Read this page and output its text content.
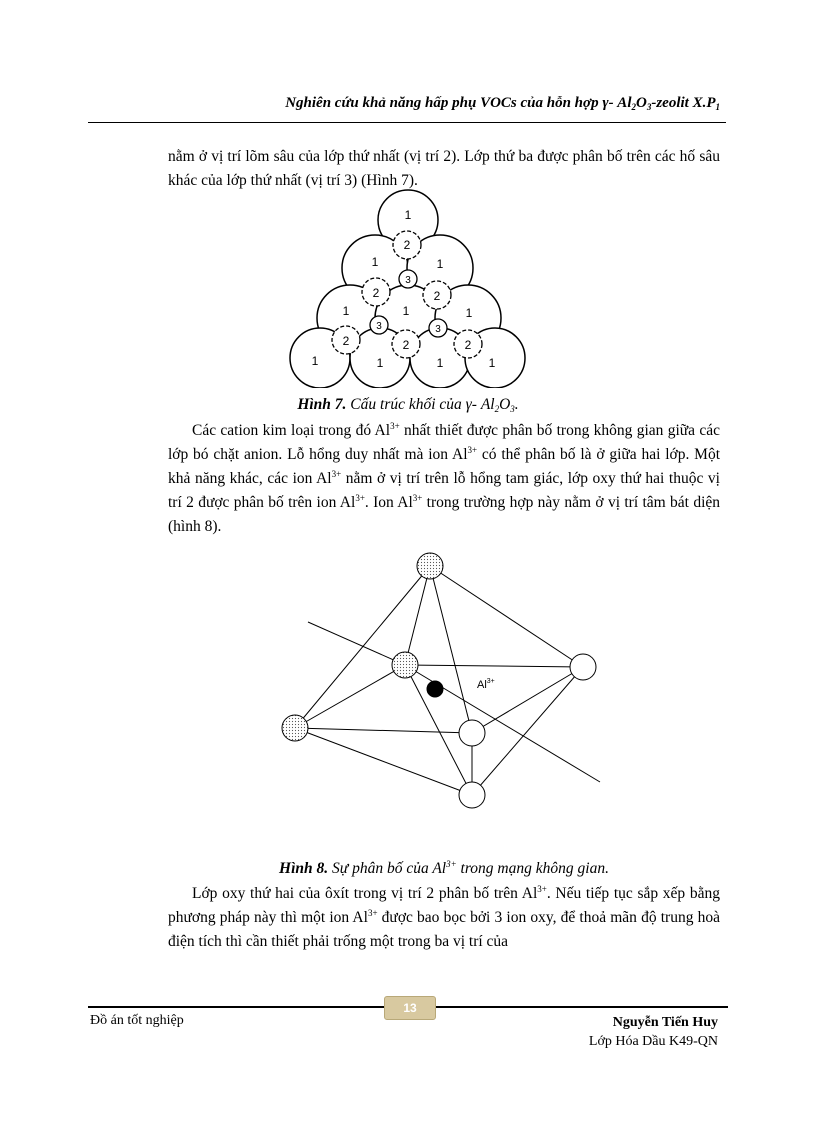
Nghiên cứu khả năng hấp phụ VOCs của hỗn hợp γ- $Al_2O_3$-zeolit $X.P_1$

nằm ở vị trí lõm sâu của lớp thứ nhất (vị trí 2). Lớp thứ ba được phân bố trên các hố sâu khác của lớp thứ nhất (vị trí 3) (Hình 7).

1
1	1
1	1	1
1	1	1	1
2
2	2
2	2	2
3
3	3
Hình 7. Cấu trúc khối của γ- $Al_2O_3$.

Các cation kim loại trong đó $Al^{3+}$ nhất thiết được phân bố trong không gian giữa các lớp bó chặt anion. Lỗ hổng duy nhất mà ion $Al^{3+}$ có thể phân bố là ở giữa hai lớp. Một khả năng khác, các ion $Al^{3+}$ nằm ở vị trí trên lỗ hổng tam giác, lớp oxy thứ hai thuộc vị trí 2 được phân bố trên ion $Al^{3+}$. Ion $Al^{3+}$ trong trường hợp này nằm ở vị trí tâm bát diện (hình 8).

$Al^{3+}$
Hình 8. Sự phân bố của $Al^{3+}$ trong mạng không gian.

Lớp oxy thứ hai của ôxít trong vị trí 2 phân bố trên $Al^{3+}$. Nếu tiếp tục sắp xếp bằng phương pháp này thì một ion $Al^{3+}$ được bao bọc bởi 3 ion oxy, để thoả mãn độ trung hoà điện tích thì cần thiết phải trống một trong ba vị trí của

13
Đồ án tốt nghiệp	Nguyễn Tiến Huy
Lớp Hóa Dầu K49-QN
